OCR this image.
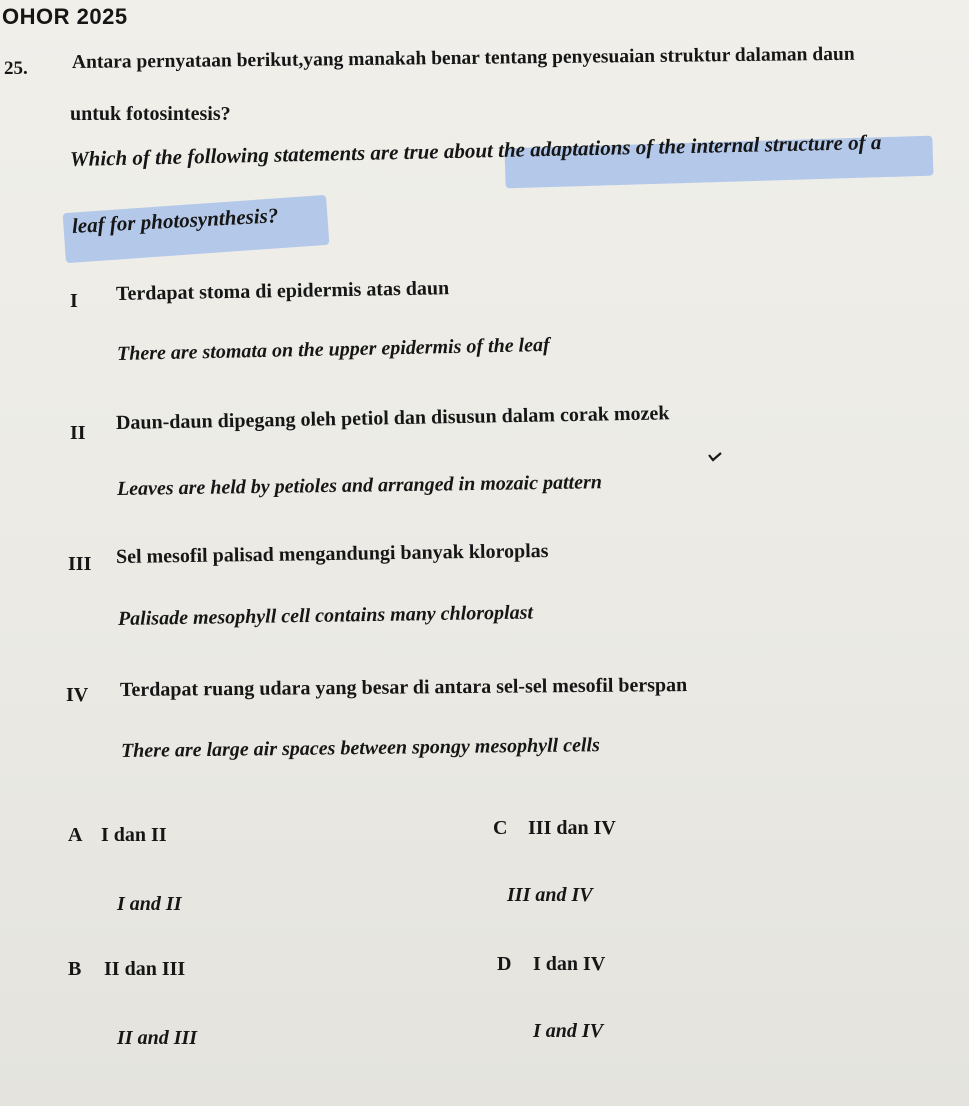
OHOR 2025
25. Antara pernyataan berikut,yang manakah benar tentang penyesuaian struktur dalaman daun
untuk fotosintesis?
Which of the following statements are true about the adaptations of the internal structure of a
leaf for photosynthesis?
I Terdapat stoma di epidermis atas daun
There are stomata on the upper epidermis of the leaf
II Daun-daun dipegang oleh petiol dan disusun dalam corak mozek
Leaves are held by petioles and arranged in mozaic pattern
III Sel mesofil palisad mengandungi banyak kloroplas
Palisade mesophyll cell contains many chloroplast
IV Terdapat ruang udara yang besar di antara sel-sel mesofil berspan
There are large air spaces between spongy mesophyll cells
A I dan II
I and II
C III dan IV
III and IV
B II dan III
II and III
D I dan IV
I and IV
